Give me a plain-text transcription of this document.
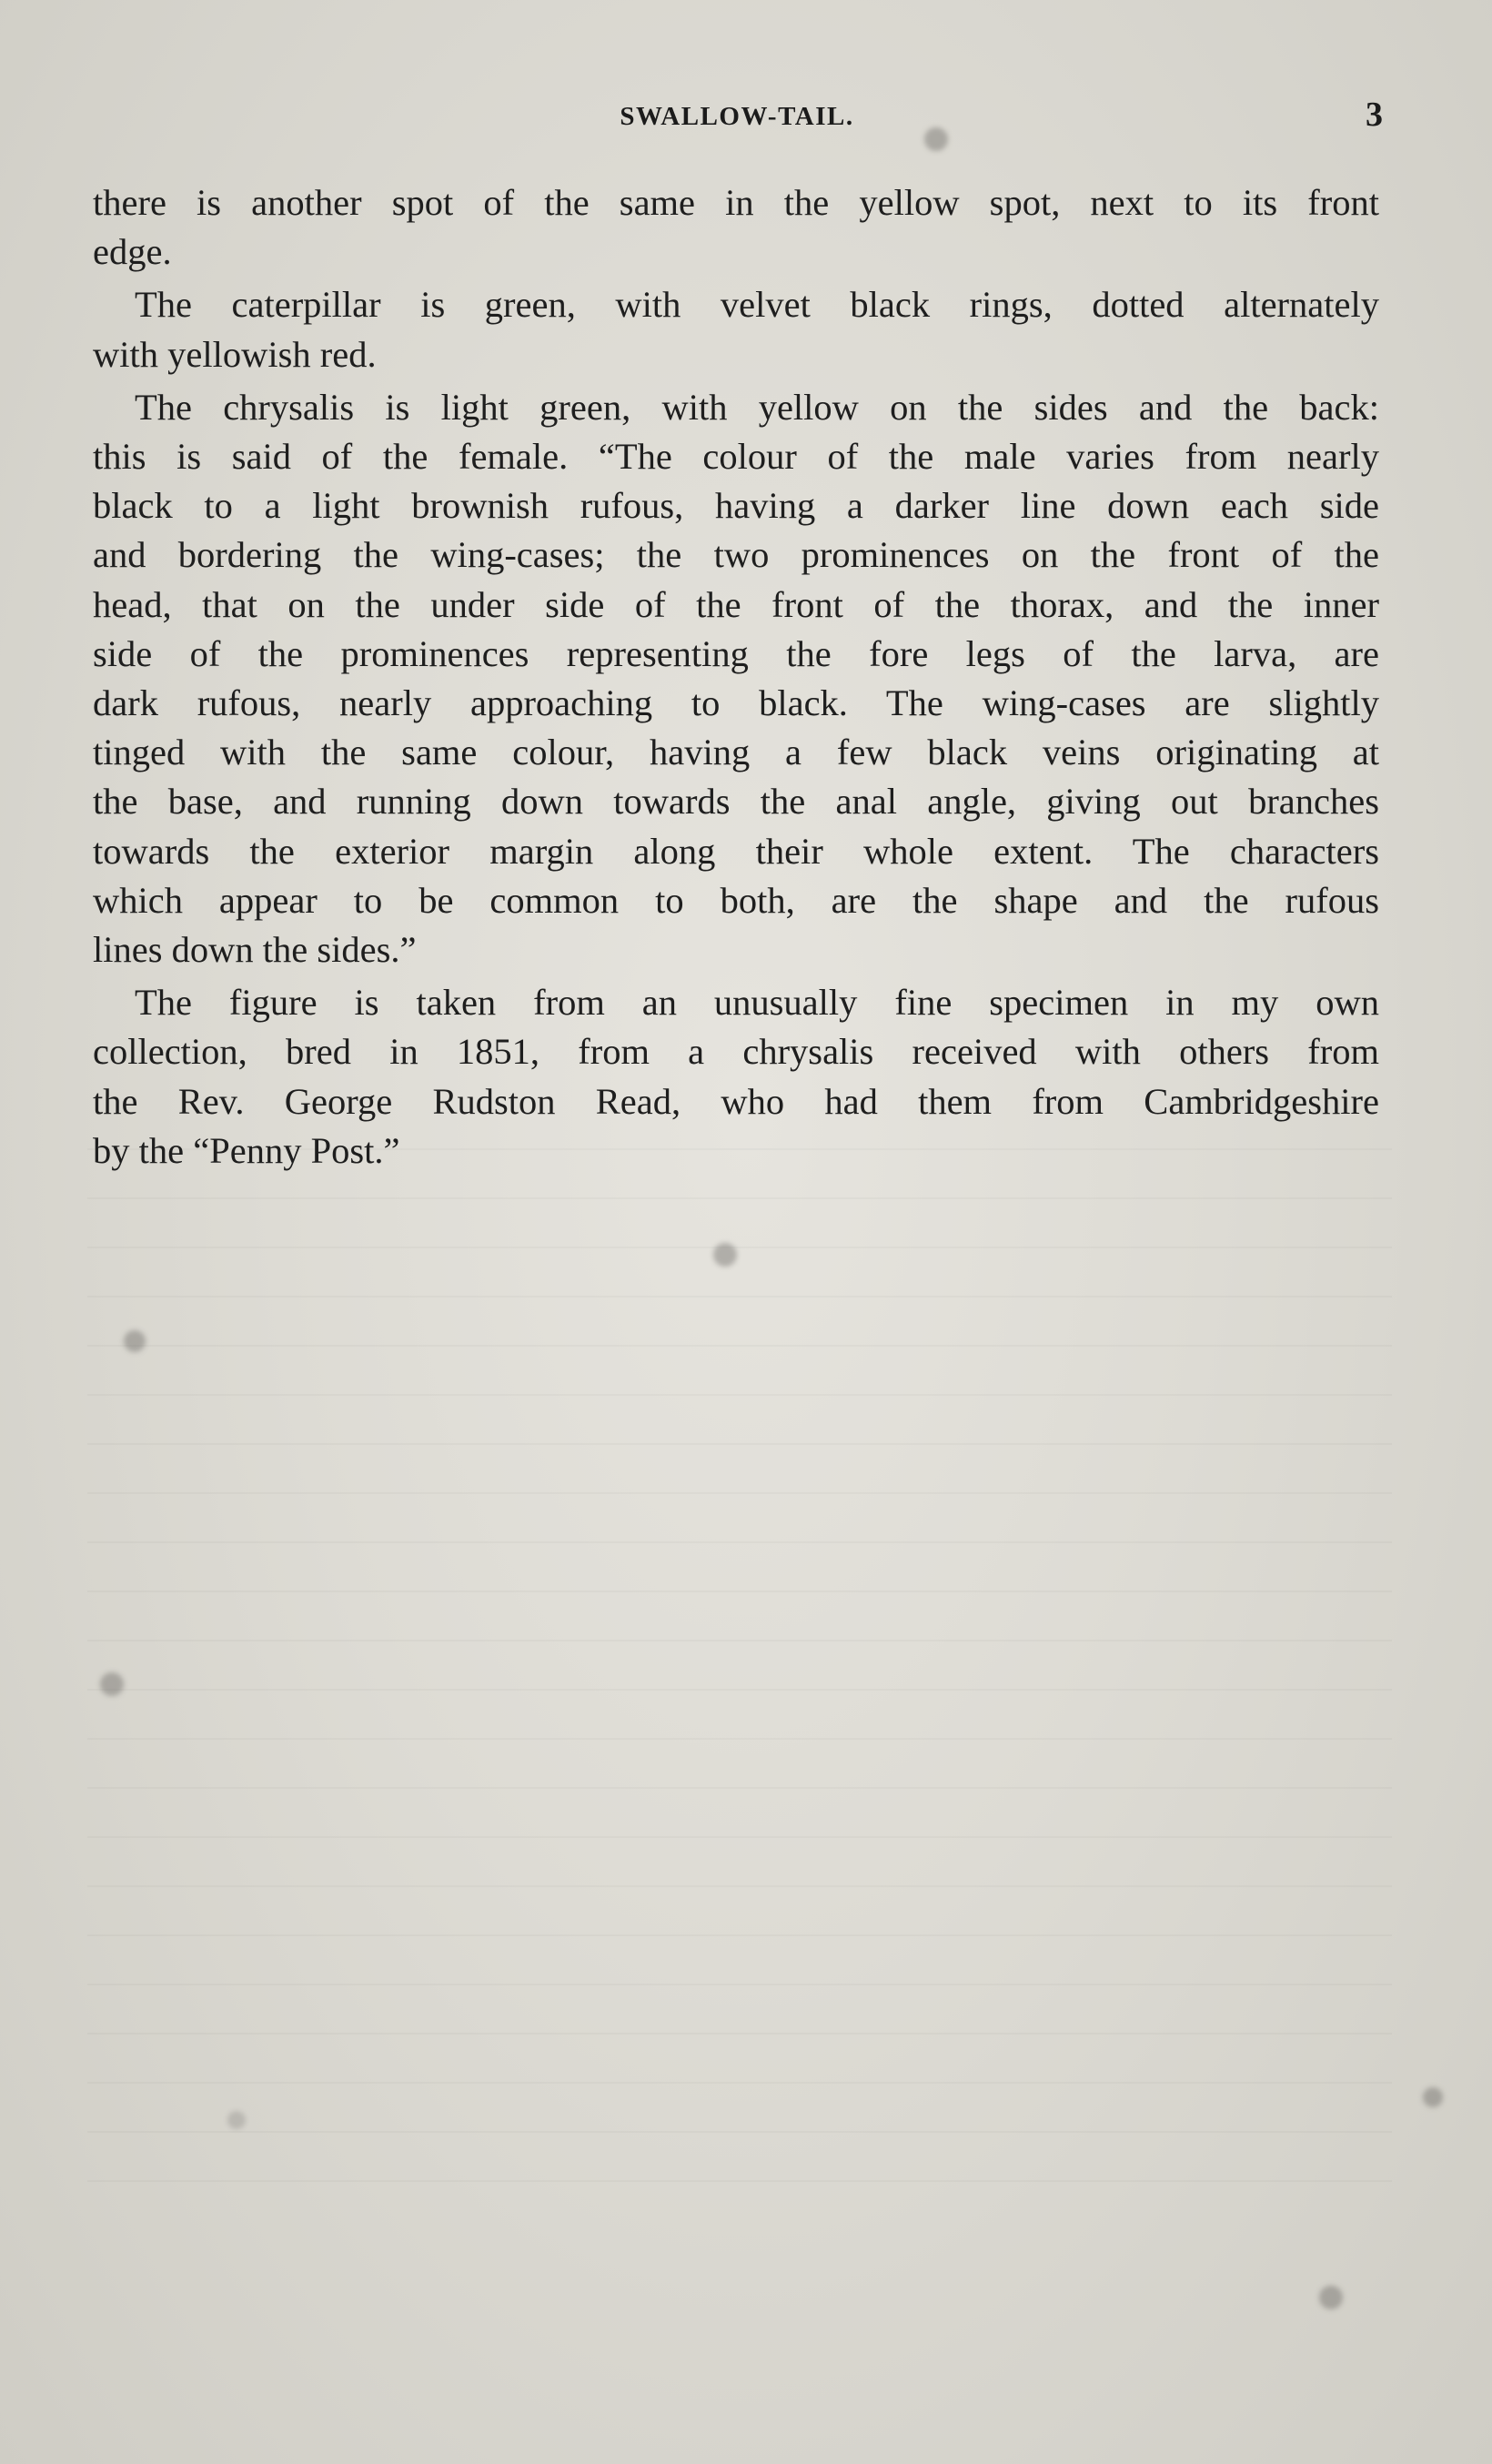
SWALLOW-TAIL.	3

there is another spot of the same in the yellow spot, next to its front
edge.

The caterpillar is green, with velvet black rings, dotted alternately
with yellowish red.

The chrysalis is light green, with yellow on the sides and the back:
this is said of the female. “The colour of the male varies from nearly
black to a light brownish rufous, having a darker line down each side
and bordering the wing-cases; the two prominences on the front of the
head, that on the under side of the front of the thorax, and the inner
side of the prominences representing the fore legs of the larva, are
dark rufous, nearly approaching to black. The wing-cases are slightly
tinged with the same colour, having a few black veins originating at
the base, and running down towards the anal angle, giving out branches
towards the exterior margin along their whole extent. The characters
which appear to be common to both, are the shape and the rufous
lines down the sides.”

The figure is taken from an unusually fine specimen in my own
collection, bred in 1851, from a chrysalis received with others from
the Rev. George Rudston Read, who had them from Cambridgeshire
by the “Penny Post.”
